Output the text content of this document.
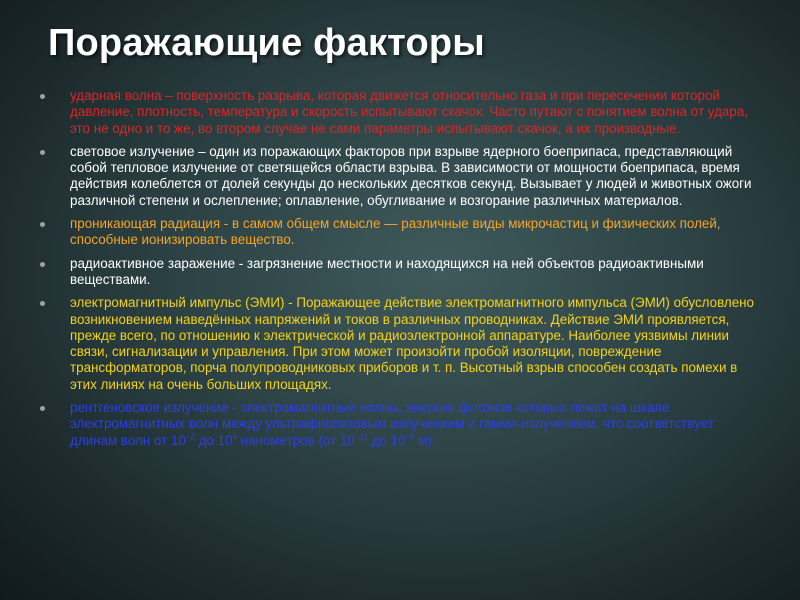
Поражающие факторы
ударная волна – поверхность разрыва, которая движется относительно газа и при пересечении которой давление, плотность, температура и скорость испытывают скачок. Часто путают с понятием волна от удара, это не одно и то же, во втором случае не сами параметры испытывают скачок, а их производные.
световое излучение – один из поражающих факторов при взрыве ядерного боеприпаса, представляющий собой тепловое излучение от светящейся области взрыва. В зависимости от мощности боеприпаса, время действия колеблется от долей секунды до нескольких десятков секунд. Вызывает у людей и животных ожоги различной степени и ослепление; оплавление, обугливание и возгорание различных материалов.
проникающая радиация - в самом общем смысле — различные виды микрочастиц и физических полей, способные ионизировать вещество.
радиоактивное заражение - загрязнение местности и находящихся на ней объектов радиоактивными веществами.
электромагнитный импульс (ЭМИ) - Поражающее действие электромагнитного импульса (ЭМИ) обусловлено возникновением наведённых напряжений и токов в различных проводниках. Действие ЭМИ проявляется, прежде всего, по отношению к электрической и радиоэлектронной аппаратуре. Наиболее уязвимы линии связи, сигнализации и управления. При этом может произойти пробой изоляции, повреждение трансформаторов, порча полупроводниковых приборов и т. п. Высотный взрыв способен создать помехи в этих линиях на очень больших площадях.
рентгеновское излучение - электромагнитные волны, энергия фотонов которых лежит на шкале электромагнитных волн между ультрафиолетовым излучением и гамма-излучением, что соответствует длинам волн от $10^{-2}$ до $10^4$ нанометров (от $10^{-11}$ до $10^{-8}$ м).
